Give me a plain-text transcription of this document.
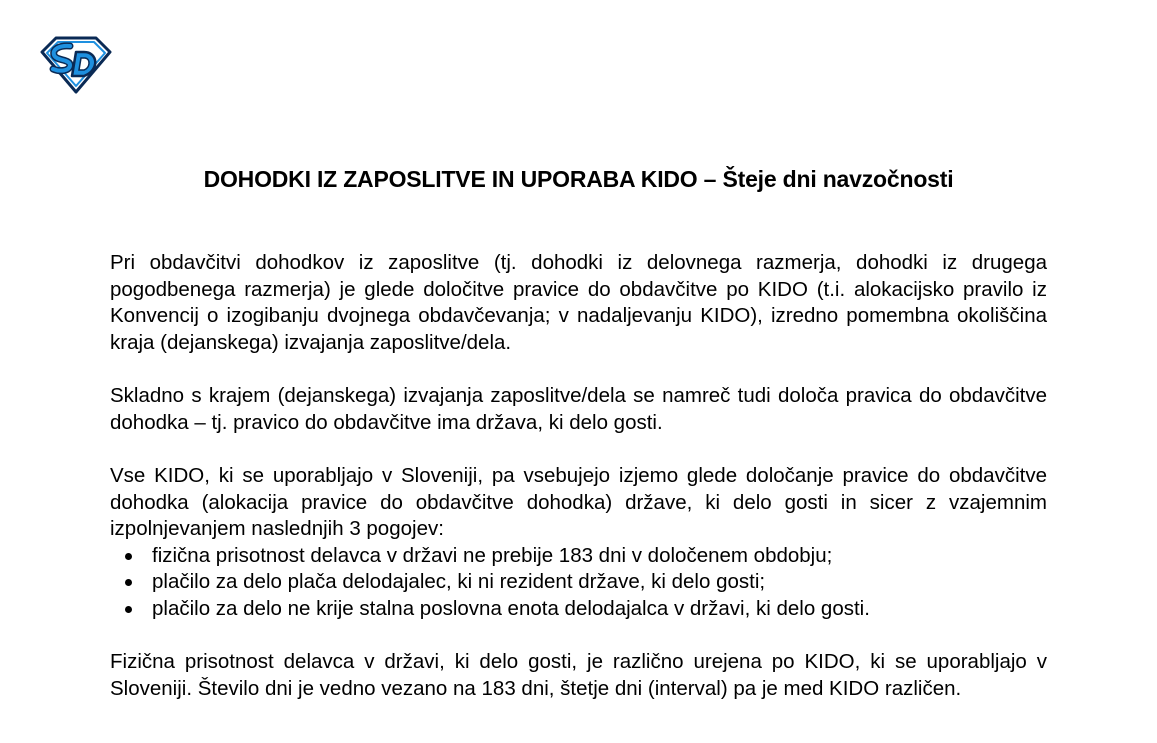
DOHODKI IZ ZAPOSLITVE IN UPORABA KIDO – Šteje dni navzočnosti

Pri obdavčitvi dohodkov iz zaposlitve (tj. dohodki iz delovnega razmerja, dohodki iz drugega pogodbenega razmerja) je glede določitve pravice do obdavčitve po KIDO (t.i. alokacijsko pravilo iz Konvencij o izogibanju dvojnega obdavčevanja; v nadaljevanju KIDO), izredno pomembna okoliščina kraja (dejanskega) izvajanja zaposlitve/dela.

Skladno s krajem (dejanskega) izvajanja zaposlitve/dela se namreč tudi določa pravica do obdavčitve dohodka – tj. pravico do obdavčitve ima država, ki delo gosti.

Vse KIDO, ki se uporabljajo v Sloveniji, pa vsebujejo izjemo glede določanje pravice do obdavčitve dohodka (alokacija pravice do obdavčitve dohodka) države, ki delo gosti in sicer z vzajemnim izpolnjevanjem naslednjih 3 pogojev:

fizična prisotnost delavca v državi ne prebije 183 dni v določenem obdobju;
plačilo za delo plača delodajalec, ki ni rezident države, ki delo gosti;
plačilo za delo ne krije stalna poslovna enota delodajalca v državi, ki delo gosti.

Fizična prisotnost delavca v državi, ki delo gosti, je različno urejena po KIDO, ki se uporabljajo v Sloveniji. Število dni je vedno vezano na 183 dni, štetje dni (interval) pa je med KIDO različen.
